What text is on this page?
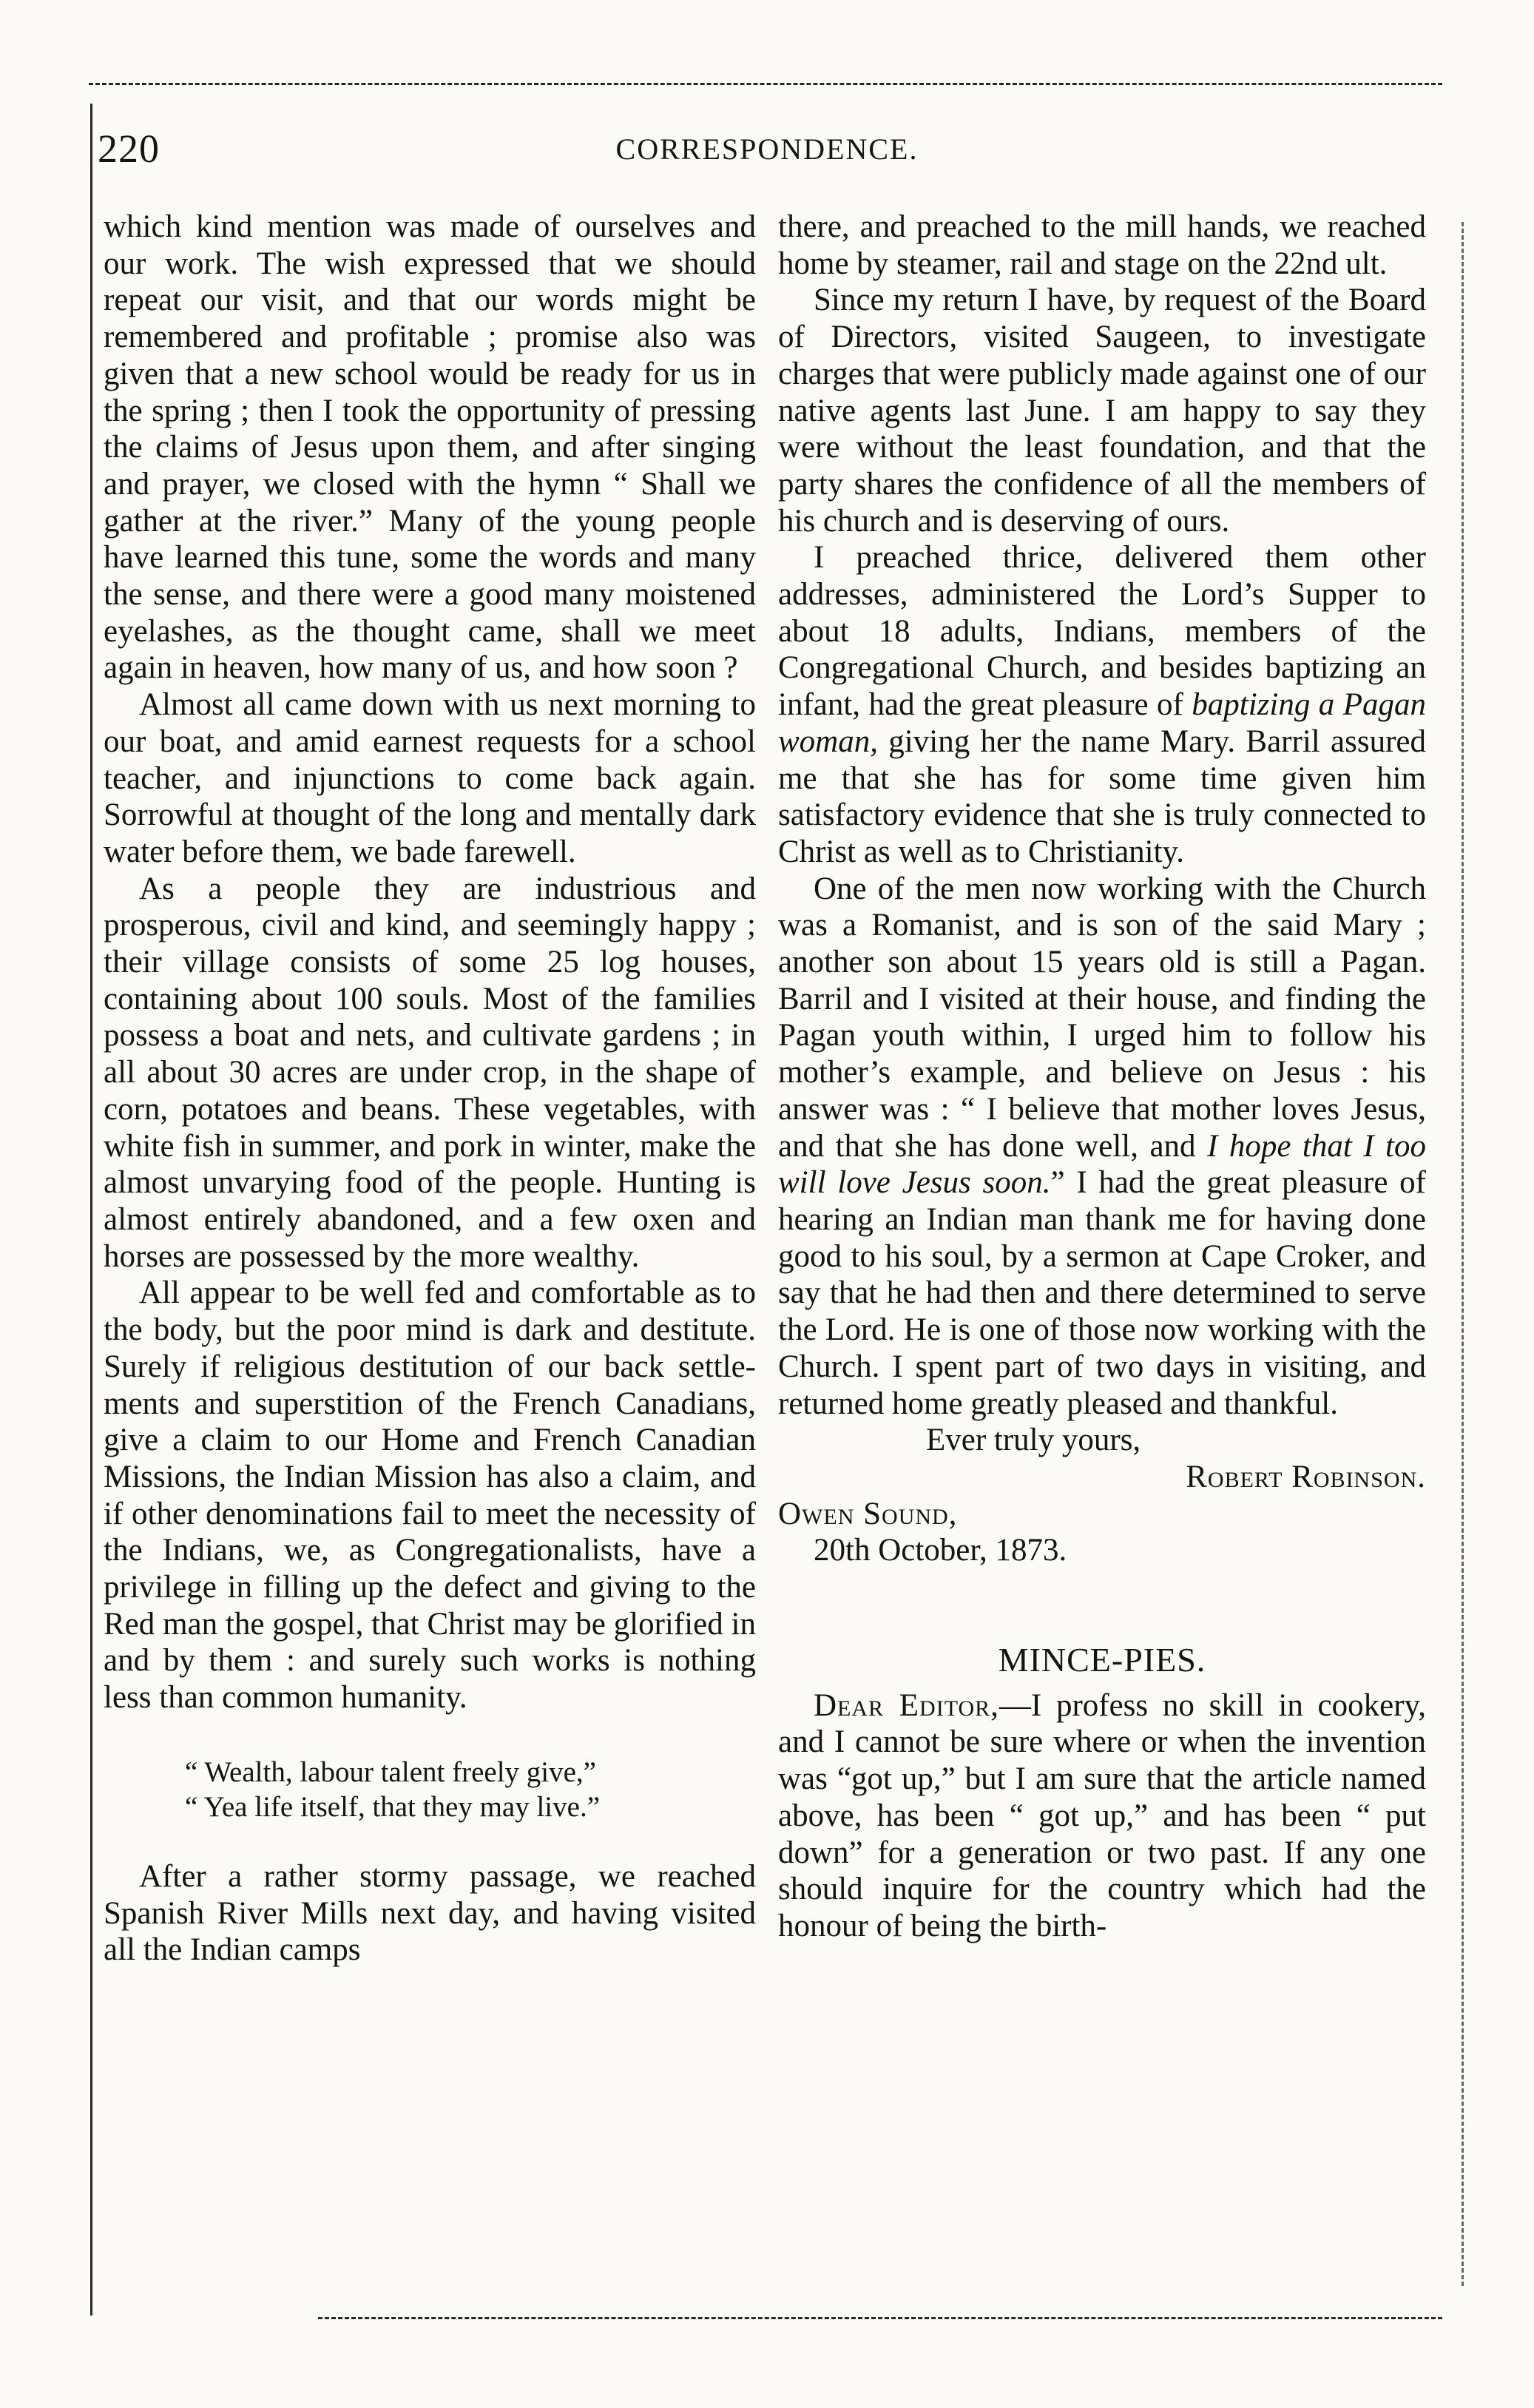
220	CORRESPONDENCE.

which kind mention was made of ourselves and our work. The wish expressed that we should repeat our visit, and that our words might be remembered and profitable ; promise also was given that a new school would be ready for us in the spring ; then I took the opportunity of pressing the claims of Jesus upon them, and after singing and prayer, we closed with the hymn “ Shall we gather at the river.” Many of the young people have learned this tune, some the words and many the sense, and there were a good many moistened eyelashes, as the thought came, shall we meet again in heaven, how many of us, and how soon ?

Almost all came down with us next morning to our boat, and amid earnest requests for a school teacher, and injunctions to come back again. Sorrowful at thought of the long and mentally dark water before them, we bade farewell.

As a people they are industrious and prosperous, civil and kind, and seemingly happy ; their village consists of some 25 log houses, containing about 100 souls. Most of the families possess a boat and nets, and cultivate gardens ; in all about 30 acres are under crop, in the shape of corn, potatoes and beans. These vegetables, with white fish in summer, and pork in winter, make the almost unvarying food of the people. Hunting is almost entirely abandoned, and a few oxen and horses are possessed by the more wealthy.

All appear to be well fed and comfortable as to the body, but the poor mind is dark and destitute. Surely if religious destitution of our back settlements and superstition of the French Canadians, give a claim to our Home and French Canadian Missions, the Indian Mission has also a claim, and if other denominations fail to meet the necessity of the Indians, we, as Congregationalists, have a privilege in filling up the defect and giving to the Red man the gospel, that Christ may be glorified in and by them : and surely such works is nothing less than common humanity.

“ Wealth, labour talent freely give,”
“ Yea life itself, that they may live.”

After a rather stormy passage, we reached Spanish River Mills next day, and having visited all the Indian camps

there, and preached to the mill hands, we reached home by steamer, rail and stage on the 22nd ult.

Since my return I have, by request of the Board of Directors, visited Saugeen, to investigate charges that were publicly made against one of our native agents last June. I am happy to say they were without the least foundation, and that the party shares the confidence of all the members of his church and is deserving of ours.

I preached thrice, delivered them other addresses, administered the Lord’s Supper to about 18 adults, Indians, members of the Congregational Church, and besides baptizing an infant, had the great pleasure of baptizing a Pagan woman, giving her the name Mary. Barril assured me that she has for some time given him satisfactory evidence that she is truly connected to Christ as well as to Christianity.

One of the men now working with the Church was a Romanist, and is son of the said Mary ; another son about 15 years old is still a Pagan. Barril and I visited at their house, and finding the Pagan youth within, I urged him to follow his mother’s example, and believe on Jesus : his answer was : “ I believe that mother loves Jesus, and that she has done well, and I hope that I too will love Jesus soon.” I had the great pleasure of hearing an Indian man thank me for having done good to his soul, by a sermon at Cape Croker, and say that he had then and there determined to serve the Lord. He is one of those now working with the Church. I spent part of two days in visiting, and returned home greatly pleased and thankful.

Ever truly yours,

Robert Robinson.

Owen Sound,

20th October, 1873.

MINCE-PIES.

Dear Editor,—I profess no skill in cookery, and I cannot be sure where or when the invention was “got up,” but I am sure that the article named above, has been “ got up,” and has been “ put down” for a generation or two past. If any one should inquire for the country which had the honour of being the birth-
